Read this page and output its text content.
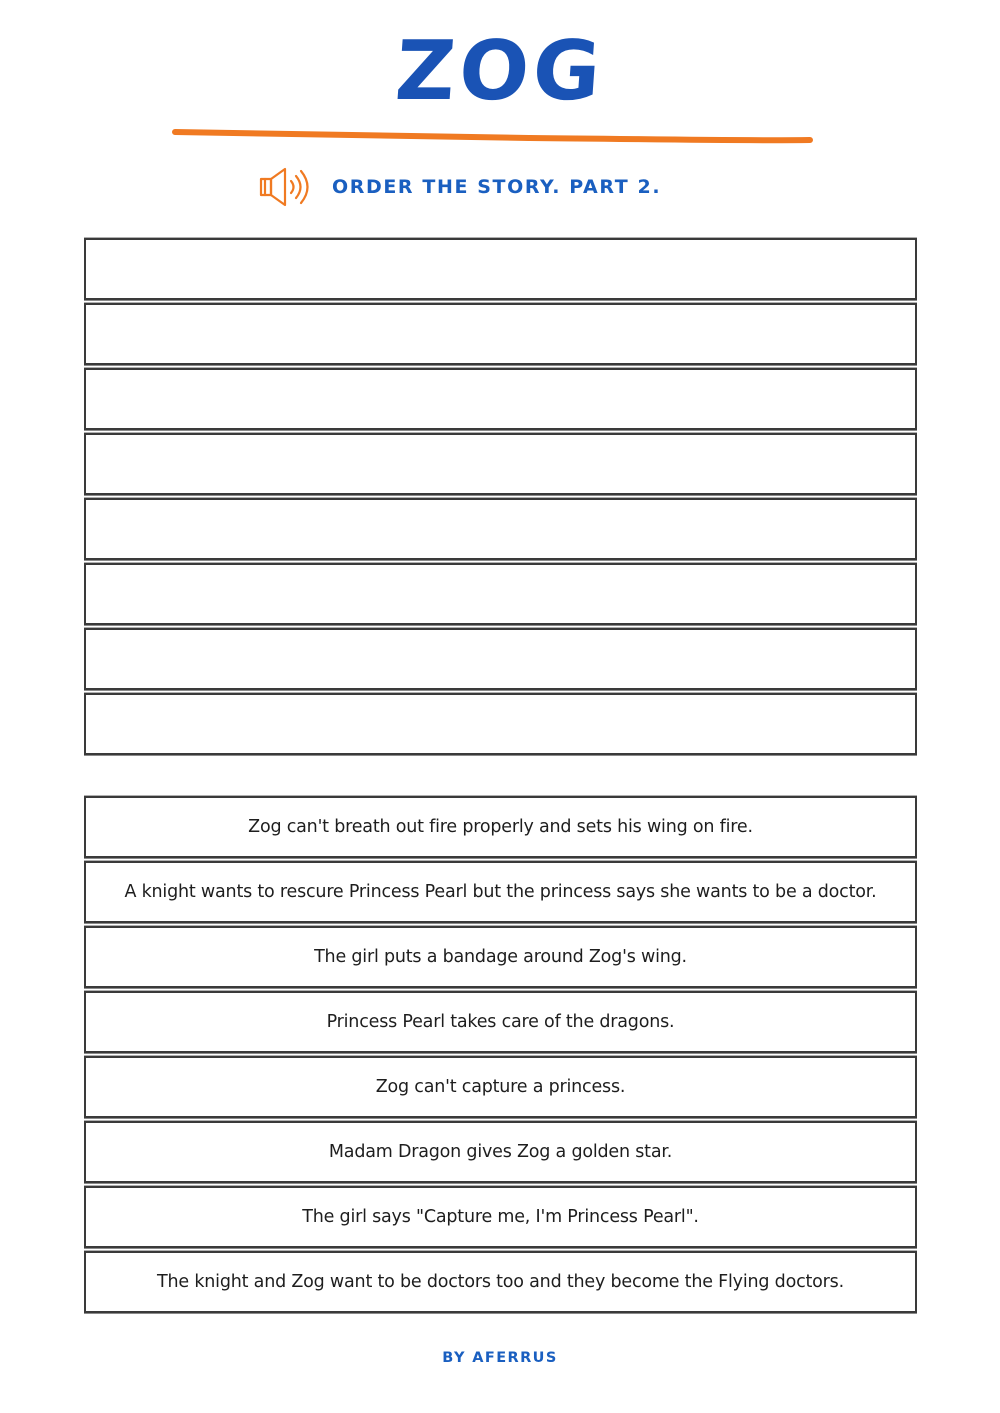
ZOG
ORDER THE STORY. PART 2.
Zog can't breath out fire properly and sets his wing on fire.
A knight wants to rescure Princess Pearl but the princess says she wants to be a doctor.
The girl puts a bandage around Zog's wing.
Princess Pearl takes care of the dragons.
Zog can't capture a princess.
Madam Dragon gives Zog a golden star.
The girl says "Capture me, I'm Princess Pearl".
The knight and Zog want to be doctors too and they become the Flying doctors.
BY AFERRUS
